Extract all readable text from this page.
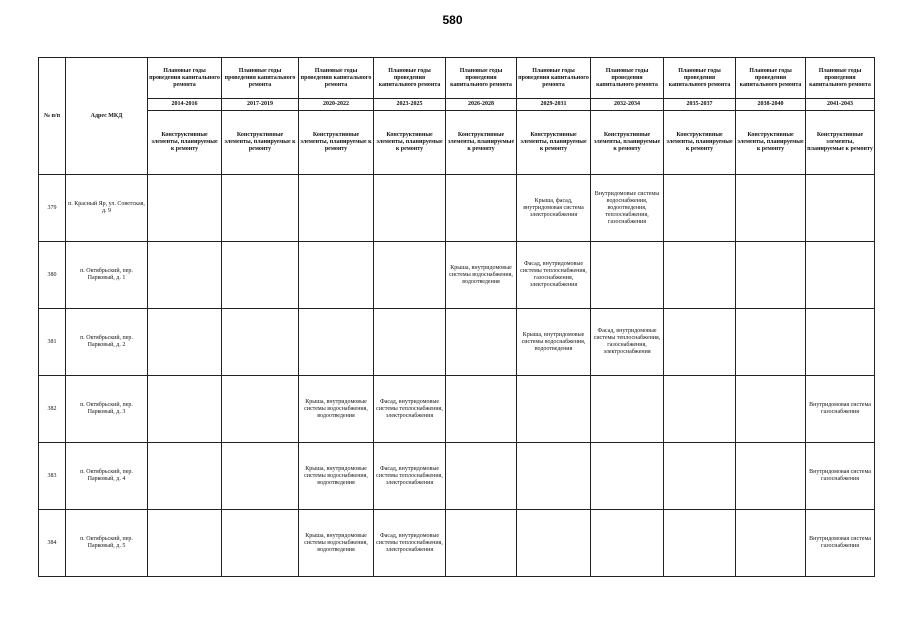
580
№ п/п	Адрес МКД	Плановые годы проведения капитального ремонта	Плановые годы проведения капитального ремонта	Плановые годы проведения капитального ремонта	Плановые годы проведения капитального ремонта	Плановые годы проведения капитального ремонта	Плановые годы проведения капитального ремонта	Плановые годы проведения капитального ремонта	Плановые годы проведения капитального ремонта	Плановые годы проведения капитального ремонта	Плановые годы проведения капитального ремонта
		2014-2016	2017-2019	2020-2022	2023-2025	2026-2028	2029-2031	2032-2034	2035-2037	2038-2040	2041-2043
		Конструктивные элементы, планируемые к ремонту	Конструктивные элементы, планируемые к ремонту	Конструктивные элементы, планируемые к ремонту	Конструктивные элементы, планируемые к ремонту	Конструктивные элементы, планируемые к ремонту	Конструктивные элементы, планируемые к ремонту	Конструктивные элементы, планируемые к ремонту	Конструктивные элементы, планируемые к ремонту	Конструктивные элементы, планируемые к ремонту	Конструктивные элементы, планируемые к ремонту
379	п. Красный Яр, ул. Советская, д. 9						Крыша, фасад, внутридомовая система электроснабжения	Внутридомовые системы водоснабжения, водоотведения, теплоснабжения, газоснабжения			
380	п. Октябрьский, пер. Парковый, д. 1					Крыша, внутридомовые системы водоснабжения, водоотведения	Фасад, внутридомовые системы теплоснабжения, газоснабжения, электроснабжения				
381	п. Октябрьский, пер. Парковый, д. 2						Крыша, внутридомовые системы водоснабжения, водоотведения	Фасад, внутридомовые системы теплоснабжения, газоснабжения, электроснабжения			
382	п. Октябрьский, пер. Парковый, д. 3			Крыша, внутридомовые системы водоснабжения, водоотведения	Фасад, внутридомовые системы теплоснабжения, электроснабжения						Внутридомовая система газоснабжения
383	п. Октябрьский, пер. Парковый, д. 4			Крыша, внутридомовые системы водоснабжения, водоотведения	Фасад, внутридомовые системы теплоснабжения, электроснабжения						Внутридомовая система газоснабжения
384	п. Октябрьский, пер. Парковый, д. 5			Крыша, внутридомовые системы водоснабжения, водоотведения	Фасад, внутридомовые системы теплоснабжения, электроснабжения						Внутридомовая система газоснабжения
